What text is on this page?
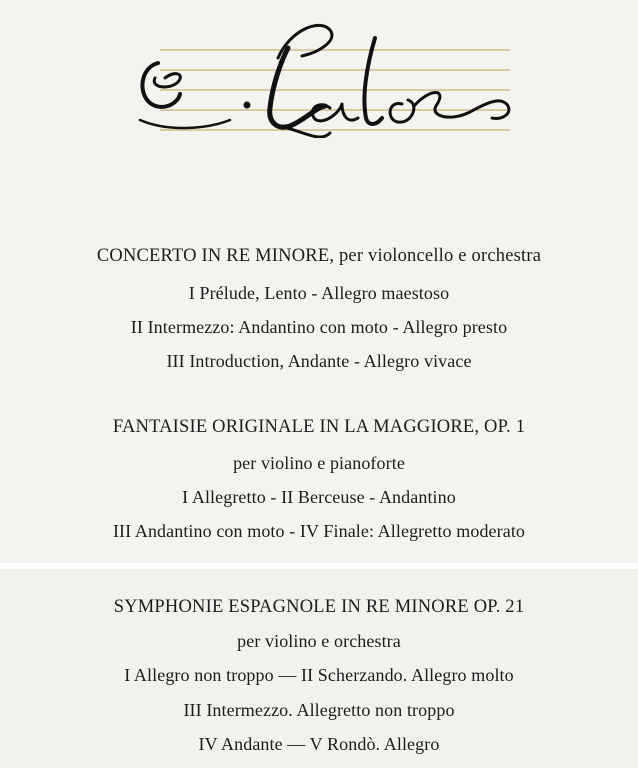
CONCERTO IN RE MINORE, per violoncello e orchestra
I Prélude, Lento - Allegro maestoso
II Intermezzo: Andantino con moto - Allegro presto
III Introduction, Andante - Allegro vivace
FANTAISIE ORIGINALE IN LA MAGGIORE, OP. 1
per violino e pianoforte
I Allegretto - II Berceuse - Andantino
III Andantino con moto - IV Finale: Allegretto moderato
SYMPHONIE ESPAGNOLE IN RE MINORE OP. 21
per violino e orchestra
I Allegro non troppo — II Scherzando. Allegro molto
III Intermezzo. Allegretto non troppo
IV Andante — V Rondò. Allegro
